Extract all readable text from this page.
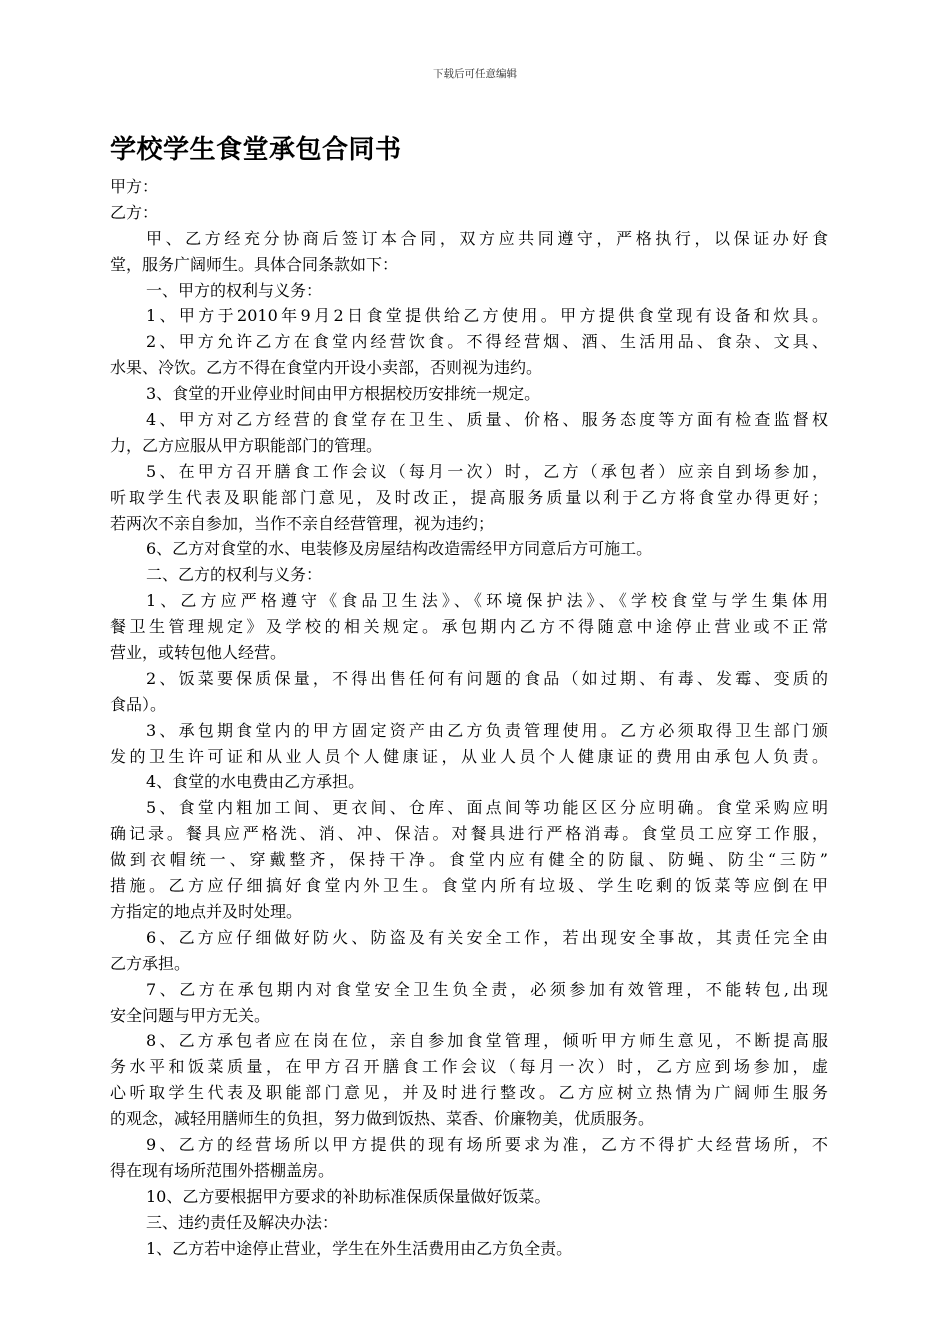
下载后可任意编辑
学校学生食堂承包合同书
甲方：
乙方：
甲、乙方经充分协商后签订本合同，双方应共同遵守，严格执行，以保证办好食
堂，服务广阔师生。具体合同条款如下：
一、甲方的权利与义务：
1、甲方于2010年9月2日食堂提供给乙方使用。甲方提供食堂现有设备和炊具。
2、甲方允许乙方在食堂内经营饮食。不得经营烟、酒、生活用品、食杂、文具、
水果、冷饮。乙方不得在食堂内开设小卖部，否则视为违约。
3、食堂的开业停业时间由甲方根据校历安排统一规定。
4、甲方对乙方经营的食堂存在卫生、质量、价格、服务态度等方面有检查监督权
力，乙方应服从甲方职能部门的管理。
5、在甲方召开膳食工作会议（每月一次）时，乙方（承包者）应亲自到场参加，
听取学生代表及职能部门意见，及时改正，提高服务质量以利于乙方将食堂办得更好；
若两次不亲自参加，当作不亲自经营管理，视为违约；
6、乙方对食堂的水、电装修及房屋结构改造需经甲方同意后方可施工。
二、乙方的权利与义务：
1、乙方应严格遵守《食品卫生法》、《环境保护法》、《学校食堂与学生集体用
餐卫生管理规定》及学校的相关规定。承包期内乙方不得随意中途停止营业或不正常
营业，或转包他人经营。
2、饭菜要保质保量，不得出售任何有问题的食品（如过期、有毒、发霉、变质的
食品）。
3、承包期食堂内的甲方固定资产由乙方负责管理使用。乙方必须取得卫生部门颁
发的卫生许可证和从业人员个人健康证，从业人员个人健康证的费用由承包人负责。
4、食堂的水电费由乙方承担。
5、食堂内粗加工间、更衣间、仓库、面点间等功能区区分应明确。食堂采购应明
确记录。餐具应严格洗、消、冲、保洁。对餐具进行严格消毒。食堂员工应穿工作服，
做到衣帽统一、穿戴整齐，保持干净。食堂内应有健全的防鼠、防蝇、防尘“三防”
措施。乙方应仔细搞好食堂内外卫生。食堂内所有垃圾、学生吃剩的饭菜等应倒在甲
方指定的地点并及时处理。
6、乙方应仔细做好防火、防盗及有关安全工作，若出现安全事故，其责任完全由
乙方承担。
7、乙方在承包期内对食堂安全卫生负全责，必须参加有效管理，不能转包,出现
安全问题与甲方无关。
8、乙方承包者应在岗在位，亲自参加食堂管理，倾听甲方师生意见，不断提高服
务水平和饭菜质量，在甲方召开膳食工作会议（每月一次）时，乙方应到场参加，虚
心听取学生代表及职能部门意见，并及时进行整改。乙方应树立热情为广阔师生服务
的观念，减轻用膳师生的负担，努力做到饭热、菜香、价廉物美，优质服务。
9、乙方的经营场所以甲方提供的现有场所要求为准，乙方不得扩大经营场所，不
得在现有场所范围外搭棚盖房。
10、乙方要根据甲方要求的补助标准保质保量做好饭菜。
三、违约责任及解决办法：
1、乙方若中途停止营业，学生在外生活费用由乙方负全责。
